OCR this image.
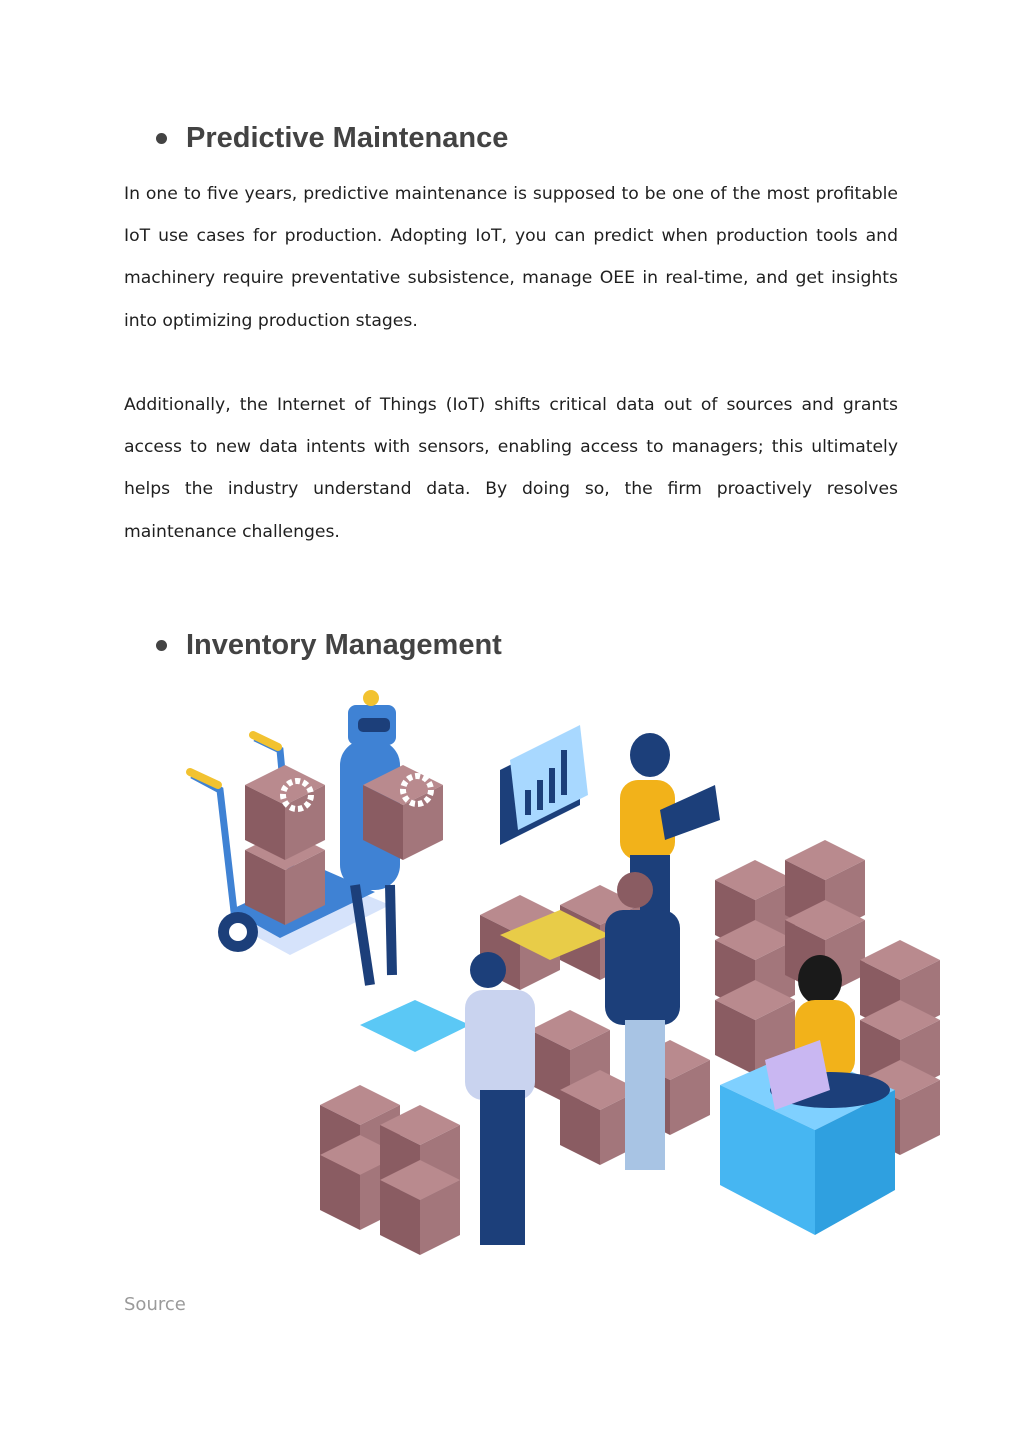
Predictive Maintenance

In one to five years, predictive maintenance is supposed to be one of the most profitable IoT use cases for production. Adopting IoT, you can predict when production tools and machinery require preventative subsistence, manage OEE in real-time, and get insights into optimizing production stages.

Additionally, the Internet of Things (IoT) shifts critical data out of sources and grants access to new data intents with sensors, enabling access to managers; this ultimately helps the industry understand data. By doing so, the firm proactively resolves maintenance challenges.

Inventory Management

Source
